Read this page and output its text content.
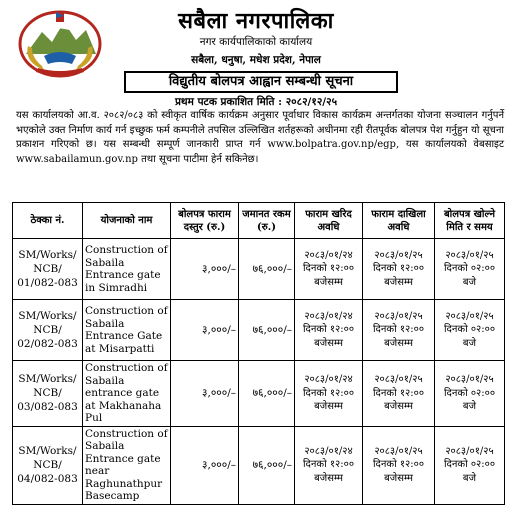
सबैला नगरपालिका
नगर कार्यपालिकाको कार्यालय
सबैला, धनुषा, मधेश प्रदेश, नेपाल
विद्युतीय बोलपत्र आह्वान सम्बन्धी सूचना
प्रथम पटक प्रकाशित मिति : २०८२/१२/२५
यस कार्यालयको आ.व. २०८२/०८३ को स्वीकृत वार्षिक कार्यक्रम अनुसार पूर्वाधार विकास कार्यक्रम अन्तर्गतका योजना सञ्चालन गर्नुपर्ने भएकोले उक्त निर्माण कार्य गर्न इच्छुक फर्म कम्पनीले तपसिल उल्लिखित शर्तहरूको अधीनमा रही रीतपूर्वक बोलपत्र पेश गर्नुहुन यो सूचना प्रकाशन गरिएको छ। यस सम्बन्धी सम्पूर्ण जानकारी प्राप्त गर्न www.bolpatra.gov.np/egp, यस कार्यालयको वेबसाइट www.sabailamun.gov.np तथा सूचना पाटीमा हेर्न सकिनेछ।
ठेक्का नं.	योजनाको नाम	बोलपत्र फाराम दस्तुर (रु.)	जमानत रकम (रु.)	फाराम खरिद अवधि	फाराम दाखिला अवधि	बोलपत्र खोल्ने मिति र समय
SM/Works/ NCB/ 01/082-083	Construction of Sabaila Entrance gate in Simradhi	३,०००/–	७६,०००/–	२०८३/०१/२४ दिनको १२:०० बजेसम्म	२०८३/०१/२५ दिनको १२:०० बजेसम्म	२०८३/०१/२५ दिनको ०२:०० बजे
SM/Works/ NCB/ 02/082-083	Construction of Sabaila Entrance Gate at Misarpatti	३,०००/–	७६,०००/–	२०८३/०१/२४ दिनको १२:०० बजेसम्म	२०८३/०१/२५ दिनको १२:०० बजेसम्म	२०८३/०१/२५ दिनको ०२:०० बजे
SM/Works/ NCB/ 03/082-083	Construction of Sabaila entrance gate at Makhanaha Pul	३,०००/–	७६,०००/–	२०८३/०१/२४ दिनको १२:०० बजेसम्म	२०८३/०१/२५ दिनको १२:०० बजेसम्म	२०८३/०१/२५ दिनको ०२:०० बजे
SM/Works/ NCB/ 04/082-083	Construction of Sabaila Entrance gate near Raghunathpur Basecamp	३,०००/–	७६,०००/–	२०८३/०१/२४ दिनको १२:०० बजेसम्म	२०८३/०१/२५ दिनको १२:०० बजेसम्म	२०८३/०१/२५ दिनको ०२:०० बजे
